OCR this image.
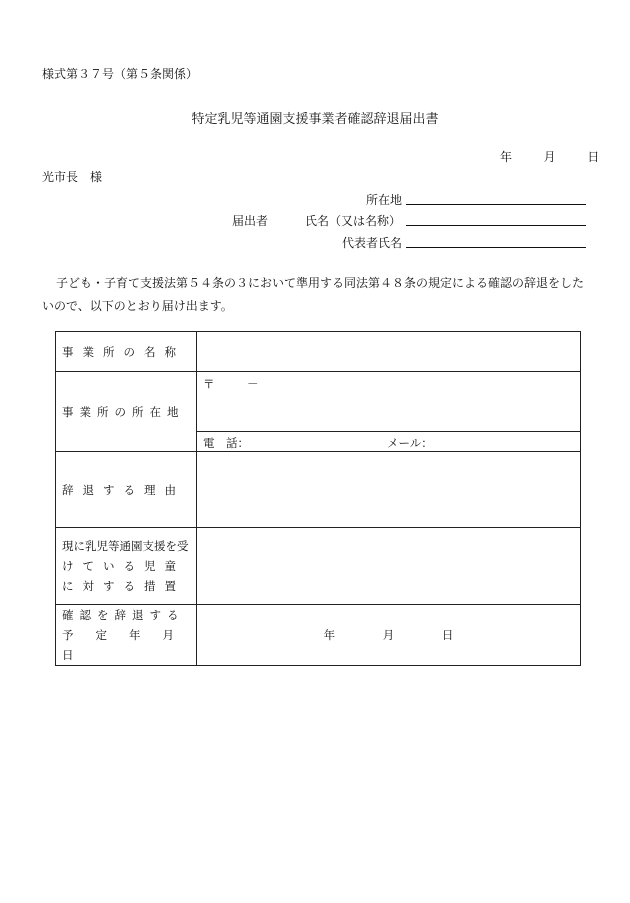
様式第３７号（第５条関係）
特定乳児等通園支援事業者確認辞退届出書
年	月	日
光市長　様
所在地
届出者	氏名（又は名称）
代表者氏名
子ども・子育て支援法第５４条の３において準用する同法第４８条の規定による確認の辞退をしたいので、以下のとおり届け出ます。
事業所の名称	
事業所の所在地	〒 －

	電　話： メール：

辞退する理由	

現に乳児等通園支援を受
けている児童
に対する措置	

確認を辞退する
予定年月日	年 月 日
